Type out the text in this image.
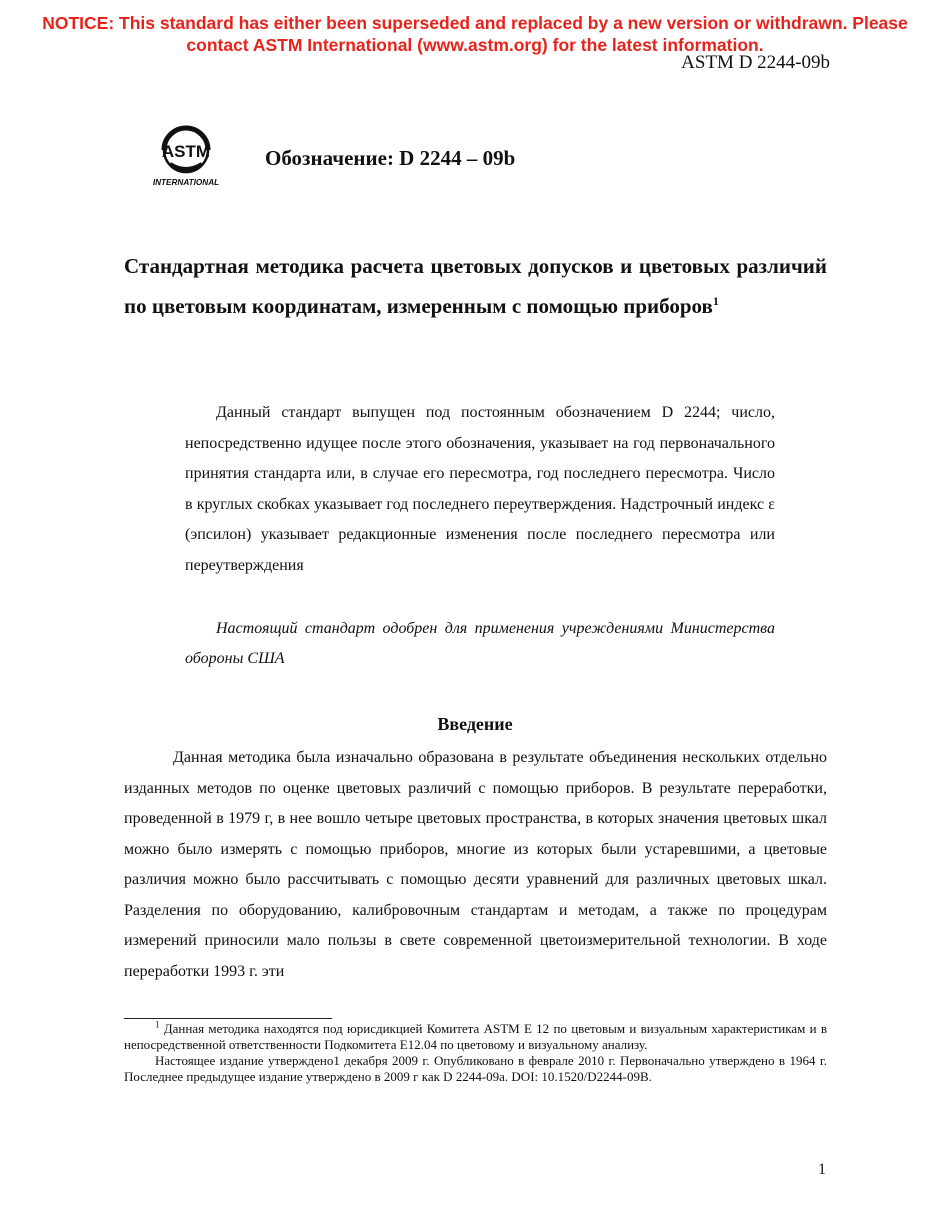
NOTICE: This standard has either been superseded and replaced by a new version or withdrawn. Please
contact ASTM International (www.astm.org) for the latest information.
ASTM D 2244-09b
ASTM
INTERNATIONAL
Обозначение: D 2244 – 09b
Стандартная методика расчета цветовых допусков и цветовых различий по цветовым координатам, измеренным с помощью приборов$^1$

Данный стандарт выпущен под постоянным обозначением D 2244; число, непосредственно идущее после этого обозначения, указывает на год первоначального принятия стандарта или, в случае его пересмотра, год последнего пересмотра. Число в круглых скобках указывает год последнего переутверждения. Надстрочный индекс ε (эпсилон) указывает редакционные изменения после последнего пересмотра или переутверждения

Настоящий стандарт одобрен для применения учреждениями Министерства обороны США

Введение

Данная методика была изначально образована в результате объединения нескольких отдельно изданных методов по оценке цветовых различий с помощью приборов. В результате переработки, проведенной в 1979 г, в нее вошло четыре цветовых пространства, в которых значения цветовых шкал можно было измерять с помощью приборов, многие из которых были устаревшими, а цветовые различия можно было рассчитывать с помощью десяти уравнений для различных цветовых шкал. Разделения по оборудованию, калибровочным стандартам и методам, а также по процедурам измерений приносили мало пользы в свете современной цветоизмерительной технологии. В ходе переработки 1993 г. эти

$^1$ Данная методика находятся под юрисдикцией Комитета ASTM E 12 по цветовым и визуальным характеристикам и в непосредственной ответственности Подкомитета E12.04 по цветовому и визуальному анализу.

Настоящее издание утверждено1 декабря 2009 г. Опубликовано в феврале 2010 г. Первоначально утверждено в 1964 г. Последнее предыдущее издание утверждено в 2009 г как D 2244-09a. DOI: 10.1520/D2244-09B.

1
